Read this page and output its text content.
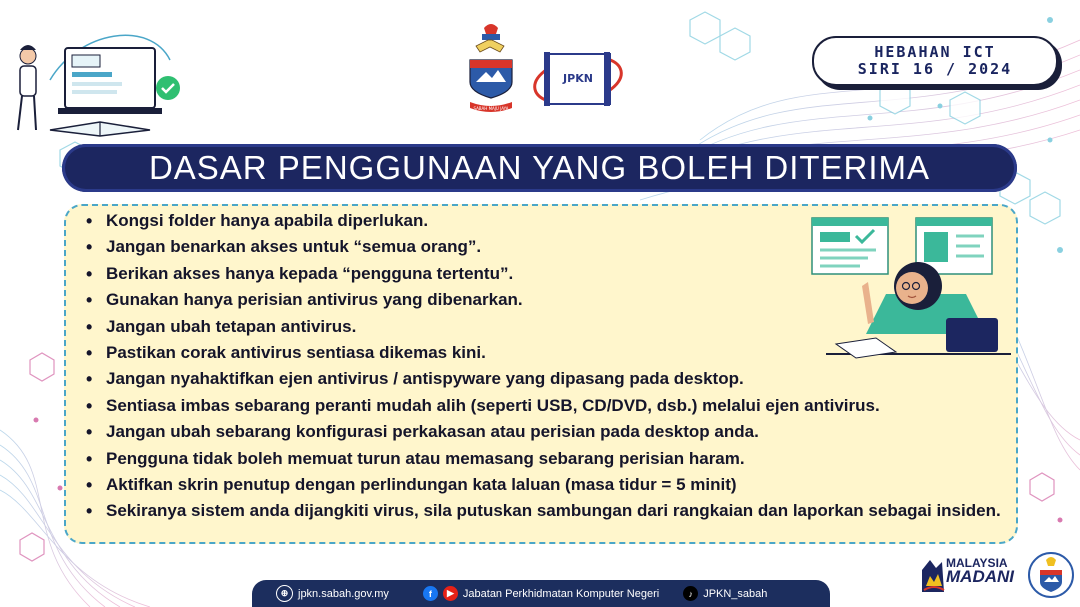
SABAH MAJU JAYA
JPKN
HEBAHAN ICT
SIRI 16 / 2024
DASAR PENGGUNAAN YANG BOLEH DITERIMA
• Kongsi folder hanya apabila diperlukan.
• Jangan benarkan akses untuk “semua orang”.
• Berikan akses hanya kepada “pengguna tertentu”.
• Gunakan hanya perisian antivirus yang dibenarkan.
• Jangan ubah tetapan antivirus.
• Pastikan corak antivirus sentiasa dikemas kini.
• Jangan nyahaktifkan ejen antivirus / antispyware yang dipasang pada desktop.
• Sentiasa imbas sebarang peranti mudah alih (seperti USB, CD/DVD, dsb.) melalui ejen antivirus.
• Jangan ubah sebarang konfigurasi perkakasan atau perisian pada desktop anda.
• Pengguna tidak boleh memuat turun atau memasang sebarang perisian haram.
• Aktifkan skrin penutup dengan perlindungan kata laluan (masa tidur = 5 minit)
• Sekiranya sistem anda dijangkiti virus, sila putuskan sambungan dari rangkaian dan laporkan sebagai insiden.
⊕ jpkn.sabah.gov.my	f	▶ Jabatan Perkhidmatan Komputer Negeri	♪ JPKN_sabah
MALAYSIA
MADANI
